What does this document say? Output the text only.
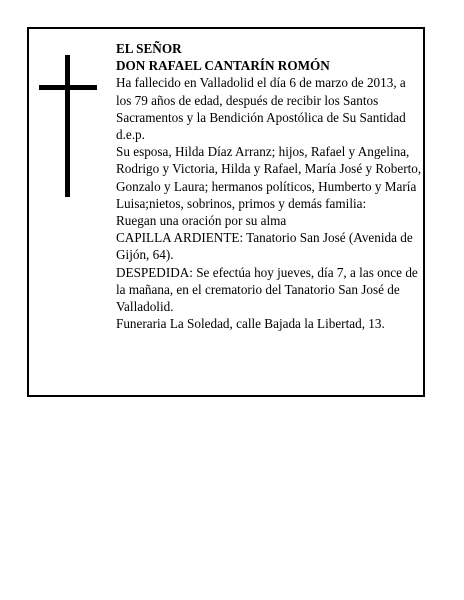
EL SEÑOR

DON RAFAEL CANTARÍN ROMÓN

Ha fallecido en Valladolid el día 6 de marzo de 2013, a los 79 años de edad, después de recibir los Santos Sacramentos y la Bendición Apostólica de Su Santidad d.e.p.

Su esposa, Hilda Díaz Arranz; hijos, Rafael y Angelina, Rodrigo y Victoria, Hilda y Rafael, María José y Roberto, Gonzalo y Laura; hermanos políticos, Humberto y María Luisa;nietos, sobrinos, primos y demás familia:

Ruegan una oración por su alma

CAPILLA ARDIENTE: Tanatorio San José (Avenida de Gijón, 64).

DESPEDIDA: Se efectúa hoy jueves, día 7, a las once de la mañana, en el crematorio del Tanatorio San José de Valladolid.

Funeraria La Soledad, calle Bajada la Libertad, 13.
